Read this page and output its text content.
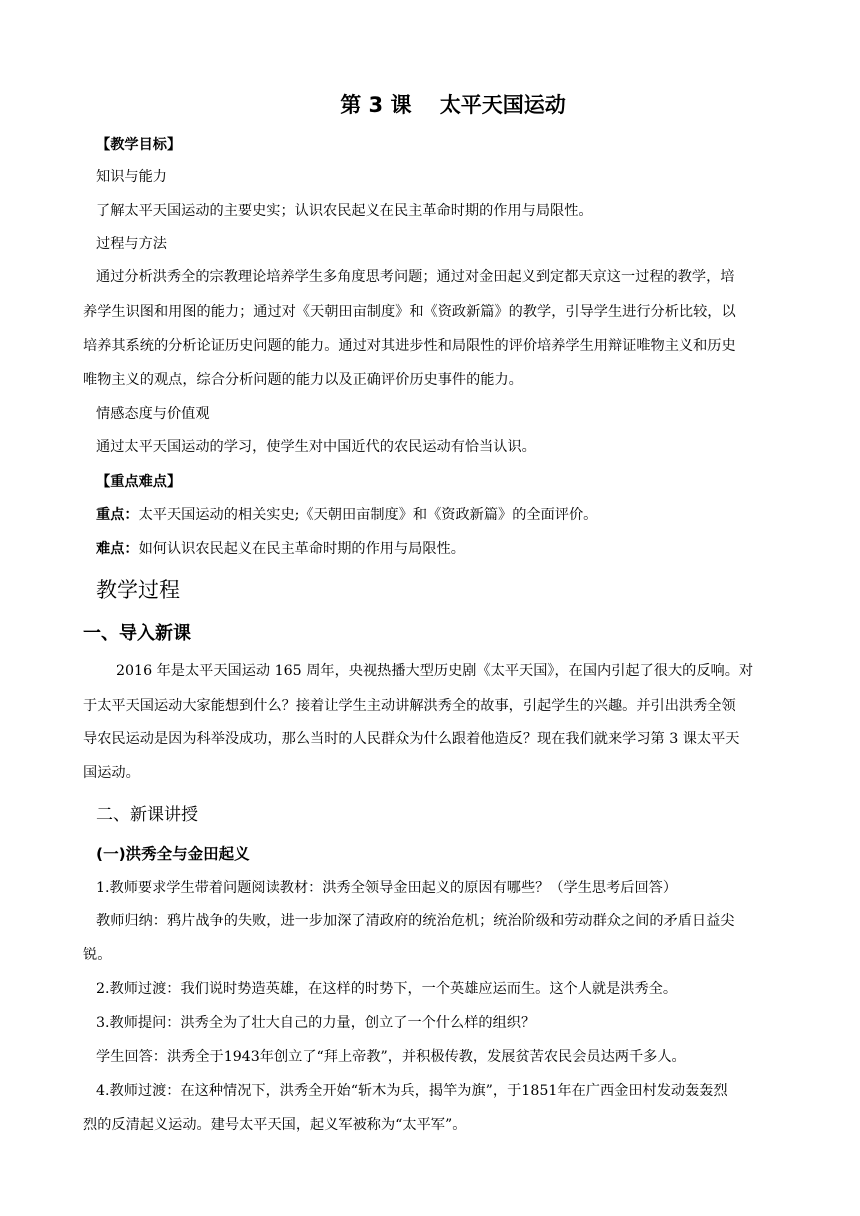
第 3 课　 太平天国运动
【教学目标】
知识与能力
了解太平天国运动的主要史实；认识农民起义在民主革命时期的作用与局限性。
过程与方法
通过分析洪秀全的宗教理论培养学生多角度思考问题；通过对金田起义到定都天京这一过程的教学，培
养学生识图和用图的能力；通过对《天朝田亩制度》和《资政新篇》的教学，引导学生进行分析比较，以
培养其系统的分析论证历史问题的能力。通过对其进步性和局限性的评价培养学生用辩证唯物主义和历史
唯物主义的观点，综合分析问题的能力以及正确评价历史事件的能力。
情感态度与价值观
通过太平天国运动的学习，使学生对中国近代的农民运动有恰当认识。
【重点难点】
重点：太平天国运动的相关实史;《天朝田亩制度》和《资政新篇》的全面评价。
难点：如何认识农民起义在民主革命时期的作用与局限性。
教学过程
一、导入新课
2016 年是太平天国运动 165 周年，央视热播大型历史剧《太平天国》，在国内引起了很大的反响。对
于太平天国运动大家能想到什么？接着让学生主动讲解洪秀全的故事，引起学生的兴趣。并引出洪秀全领
导农民运动是因为科举没成功，那么当时的人民群众为什么跟着他造反？现在我们就来学习第 3 课太平天
国运动。
二、新课讲授
(一)洪秀全与金田起义
1.教师要求学生带着问题阅读教材：洪秀全领导金田起义的原因有哪些？（学生思考后回答）
教师归纳：鸦片战争的失败，进一步加深了清政府的统治危机；统治阶级和劳动群众之间的矛盾日益尖
锐。
2.教师过渡：我们说时势造英雄，在这样的时势下，一个英雄应运而生。这个人就是洪秀全。
3.教师提问：洪秀全为了壮大自己的力量，创立了一个什么样的组织？
学生回答：洪秀全于1943年创立了“拜上帝教”，并积极传教，发展贫苦农民会员达两千多人。
4.教师过渡：在这种情况下，洪秀全开始“斩木为兵，揭竿为旗”，于1851年在广西金田村发动轰轰烈
烈的反清起义运动。建号太平天国，起义军被称为“太平军”。
